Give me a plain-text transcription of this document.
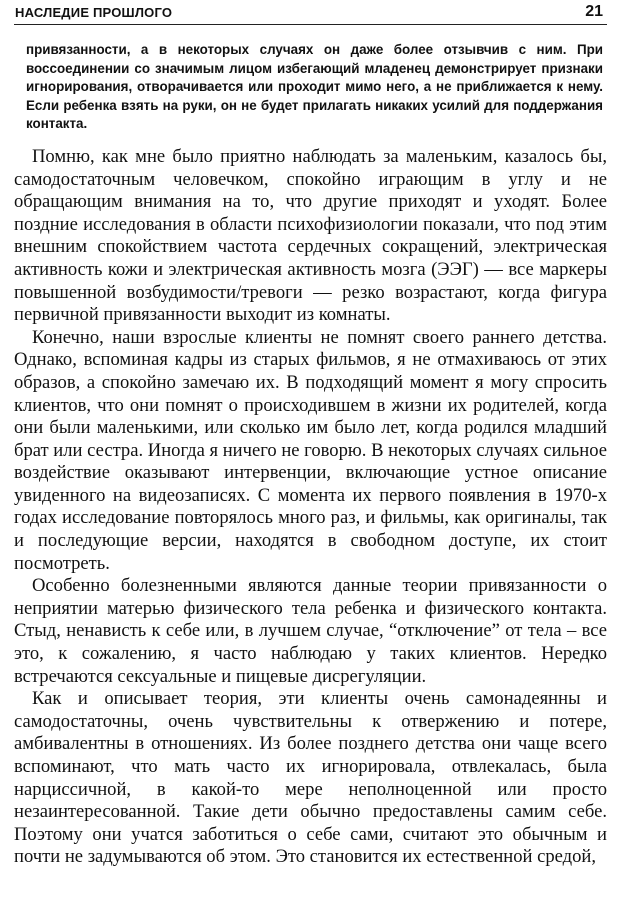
НАСЛЕДИЕ ПРОШЛОГО	21
привязанности, а в некоторых случаях он даже более отзывчив с ним. При воссоединении со значимым лицом избегающий младенец демонстрирует признаки игнорирования, отворачивается или проходит мимо него, а не приближается к нему. Если ребенка взять на руки, он не будет прилагать никаких усилий для поддержания контакта.

Помню, как мне было приятно наблюдать за маленьким, казалось бы, самодостаточным человечком, спокойно играющим в углу и не обращающим внимания на то, что другие приходят и уходят. Более поздние исследования в области психофизиологии показали, что под этим внешним спокойствием частота сердечных сокращений, электрическая активность кожи и электрическая активность мозга (ЭЭГ) — все маркеры повышенной возбудимости/тревоги — резко возрастают, когда фигура первичной привязанности выходит из комнаты.

Конечно, наши взрослые клиенты не помнят своего раннего детства. Однако, вспоминая кадры из старых фильмов, я не отмахиваюсь от этих образов, а спокойно замечаю их. В подходящий момент я могу спросить клиентов, что они помнят о происходившем в жизни их родителей, когда они были маленькими, или сколько им было лет, когда родился младший брат или сестра. Иногда я ничего не говорю. В некоторых случаях сильное воздействие оказывают интервенции, включающие устное описание увиденного на видеозаписях. С момента их первого появления в 1970-х годах исследование повторялось много раз, и фильмы, как оригиналы, так и последующие версии, находятся в свободном доступе, их стоит посмотреть.

Особенно болезненными являются данные теории привязанности о неприятии матерью физического тела ребенка и физического контакта. Стыд, ненависть к себе или, в лучшем случае, “отключение” от тела – все это, к сожалению, я часто наблюдаю у таких клиентов. Нередко встречаются сексуальные и пищевые дисрегуляции.

Как и описывает теория, эти клиенты очень самонадеянны и самодостаточны, очень чувствительны к отвержению и потере, амбивалентны в отношениях. Из более позднего детства они чаще всего вспоминают, что мать часто их игнорировала, отвлекалась, была нарциссичной, в какой-то мере неполноценной или просто незаинтересованной. Такие дети обычно предоставлены самим себе. Поэтому они учатся заботиться о себе сами, считают это обычным и почти не задумываются об этом. Это становится их естественной средой,
